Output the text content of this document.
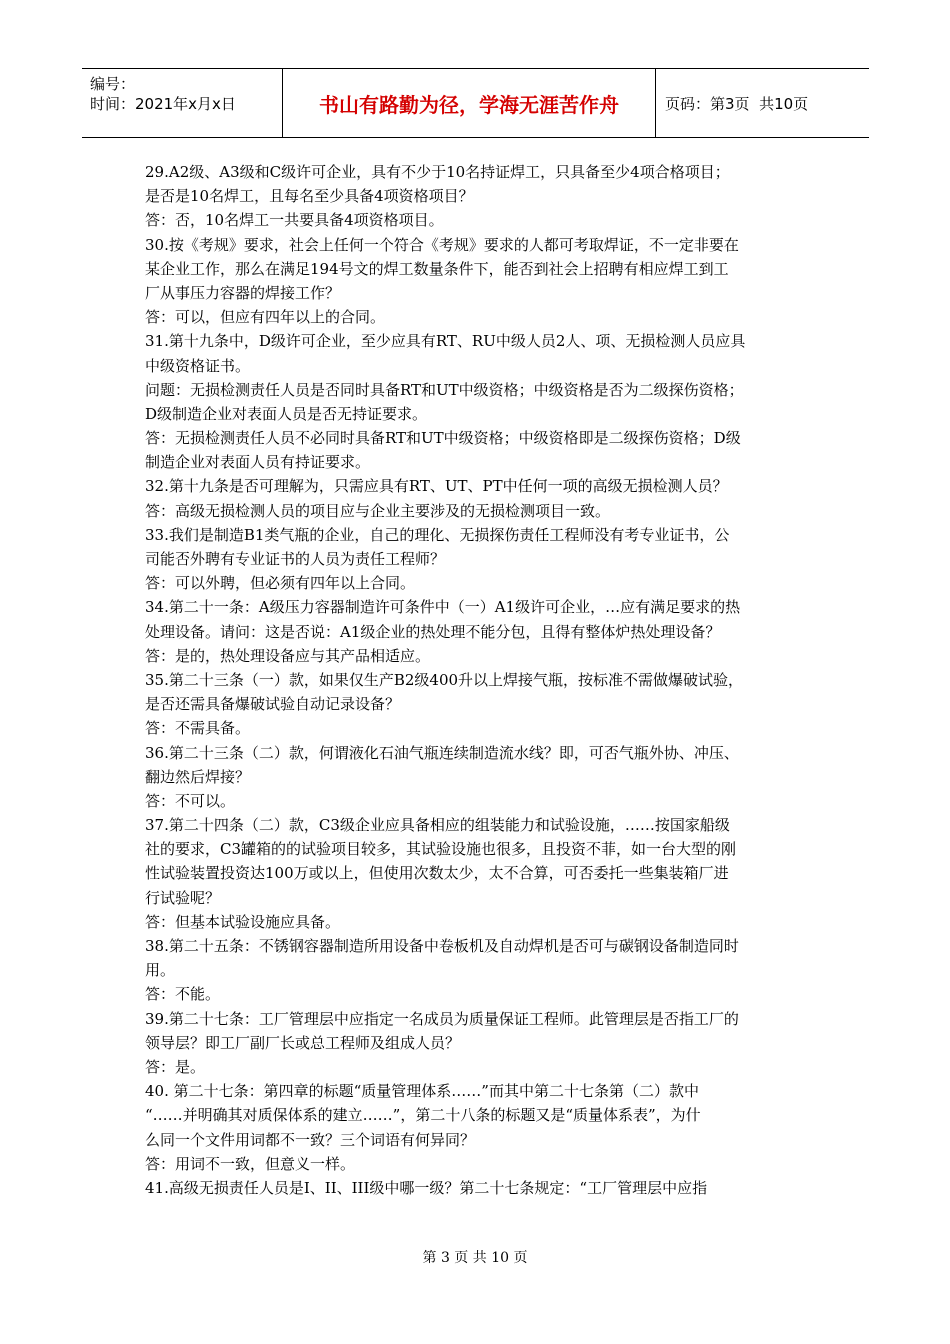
编号：
时间：2021年x月x日	书山有路勤为径，学海无涯苦作舟	页码：第3页  共10页
29.A2级、A3级和C级许可企业，具有不少于10名持证焊工，只具备至少4项合格项目；
是否是10名焊工，且每名至少具备4项资格项目？
答：否，10名焊工一共要具备4项资格项目。
30.按《考规》要求，社会上任何一个符合《考规》要求的人都可考取焊证，不一定非要在
某企业工作，那么在满足194号文的焊工数量条件下，能否到社会上招聘有相应焊工到工
厂从事压力容器的焊接工作？
答：可以，但应有四年以上的合同。
31.第十九条中，D级许可企业，至少应具有RT、RU中级人员2人、项、无损检测人员应具
中级资格证书。
问题：无损检测责任人员是否同时具备RT和UT中级资格；中级资格是否为二级探伤资格；
D级制造企业对表面人员是否无持证要求。
答：无损检测责任人员不必同时具备RT和UT中级资格；中级资格即是二级探伤资格；D级
制造企业对表面人员有持证要求。
32.第十九条是否可理解为，只需应具有RT、UT、PT中任何一项的高级无损检测人员？
答：高级无损检测人员的项目应与企业主要涉及的无损检测项目一致。
33.我们是制造B1类气瓶的企业，自己的理化、无损探伤责任工程师没有考专业证书，公
司能否外聘有专业证书的人员为责任工程师？
答：可以外聘，但必须有四年以上合同。
34.第二十一条：A级压力容器制造许可条件中（一）A1级许可企业，…应有满足要求的热
处理设备。请问：这是否说：A1级企业的热处理不能分包，且得有整体炉热处理设备？
答：是的，热处理设备应与其产品相适应。
35.第二十三条（一）款，如果仅生产B2级400升以上焊接气瓶，按标准不需做爆破试验，
是否还需具备爆破试验自动记录设备？
答：不需具备。
36.第二十三条（二）款，何谓液化石油气瓶连续制造流水线？即，可否气瓶外协、冲压、
翻边然后焊接？
答：不可以。
37.第二十四条（二）款，C3级企业应具备相应的组装能力和试验设施，……按国家船级
社的要求，C3罐箱的的试验项目较多，其试验设施也很多，且投资不菲，如一台大型的刚
性试验装置投资达100万或以上，但使用次数太少，太不合算，可否委托一些集装箱厂进
行试验呢？
答：但基本试验设施应具备。
38.第二十五条：不锈钢容器制造所用设备中卷板机及自动焊机是否可与碳钢设备制造同时
用。
答：不能。
39.第二十七条：工厂管理层中应指定一名成员为质量保证工程师。此管理层是否指工厂的
领导层？即工厂副厂长或总工程师及组成人员？
答：是。
40. 第二十七条：第四章的标题“质量管理体系……”而其中第二十七条第（二）款中
“……并明确其对质保体系的建立……”，第二十八条的标题又是“质量体系表”，为什
么同一个文件用词都不一致？三个词语有何异同？
答：用词不一致，但意义一样。
41.高级无损责任人员是I、II、III级中哪一级？第二十七条规定：“工厂管理层中应指
第 3 页 共 10 页
